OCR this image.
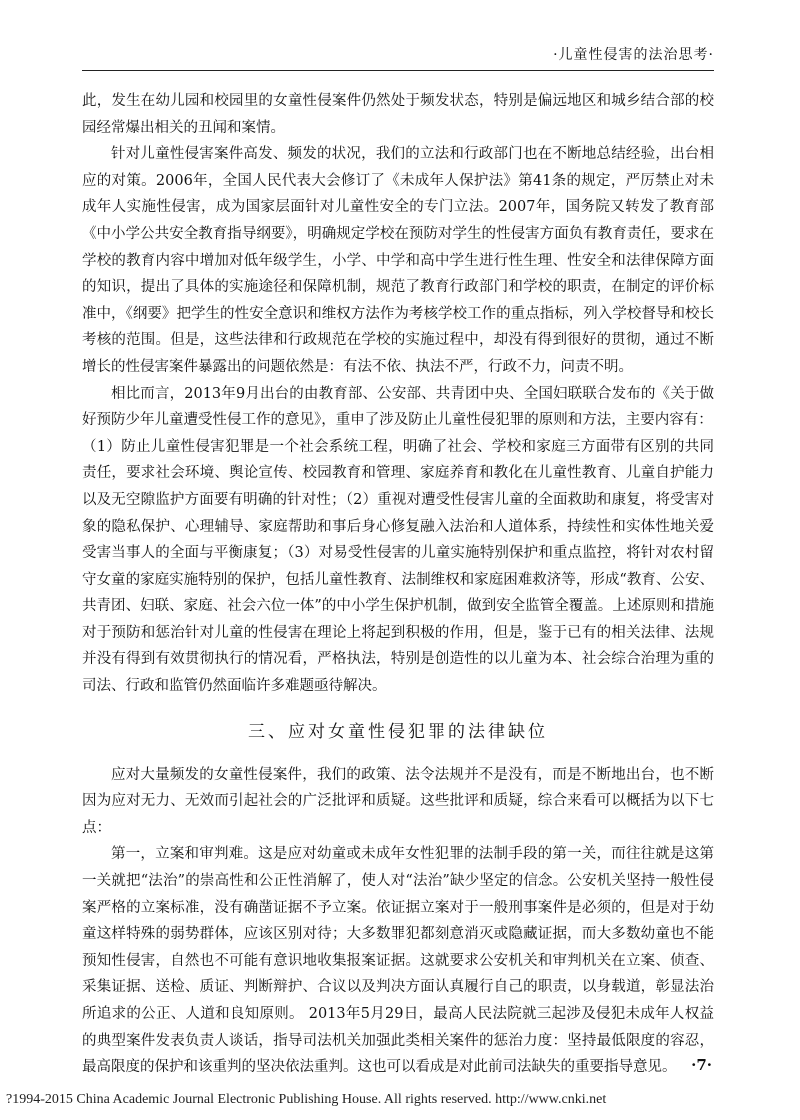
·儿童性侵害的法治思考·

此，发生在幼儿园和校园里的女童性侵案件仍然处于频发状态，特别是偏远地区和城乡结合部的校园经常爆出相关的丑闻和案情。

针对儿童性侵害案件高发、频发的状况，我们的立法和行政部门也在不断地总结经验，出台相应的对策。2006年，全国人民代表大会修订了《未成年人保护法》第41条的规定，严厉禁止对未成年人实施性侵害，成为国家层面针对儿童性安全的专门立法。2007年，国务院又转发了教育部《中小学公共安全教育指导纲要》，明确规定学校在预防对学生的性侵害方面负有教育责任，要求在学校的教育内容中增加对低年级学生，小学、中学和高中学生进行性生理、性安全和法律保障方面的知识，提出了具体的实施途径和保障机制，规范了教育行政部门和学校的职责，在制定的评价标准中，《纲要》把学生的性安全意识和维权方法作为考核学校工作的重点指标，列入学校督导和校长考核的范围。但是，这些法律和行政规范在学校的实施过程中，却没有得到很好的贯彻，通过不断增长的性侵害案件暴露出的问题依然是：有法不依、执法不严，行政不力，问责不明。

相比而言，2013年9月出台的由教育部、公安部、共青团中央、全国妇联联合发布的《关于做好预防少年儿童遭受性侵工作的意见》，重申了涉及防止儿童性侵犯罪的原则和方法，主要内容有：

（1）防止儿童性侵害犯罪是一个社会系统工程，明确了社会、学校和家庭三方面带有区别的共同责任，要求社会环境、舆论宣传、校园教育和管理、家庭养育和教化在儿童性教育、儿童自护能力以及无空隙监护方面要有明确的针对性；（2）重视对遭受性侵害儿童的全面救助和康复，将受害对象的隐私保护、心理辅导、家庭帮助和事后身心修复融入法治和人道体系，持续性和实体性地关爱受害当事人的全面与平衡康复；（3）对易受性侵害的儿童实施特别保护和重点监控，将针对农村留守女童的家庭实施特别的保护，包括儿童性教育、法制维权和家庭困难救济等，形成“教育、公安、共青团、妇联、家庭、社会六位一体”的中小学生保护机制，做到安全监管全覆盖。上述原则和措施对于预防和惩治针对儿童的性侵害在理论上将起到积极的作用，但是，鉴于已有的相关法律、法规并没有得到有效贯彻执行的情况看，严格执法，特别是创造性的以儿童为本、社会综合治理为重的司法、行政和监管仍然面临许多难题亟待解决。

三、应对女童性侵犯罪的法律缺位

应对大量频发的女童性侵案件，我们的政策、法令法规并不是没有，而是不断地出台，也不断因为应对无力、无效而引起社会的广泛批评和质疑。这些批评和质疑，综合来看可以概括为以下七点：

第一，立案和审判难。这是应对幼童或未成年女性犯罪的法制手段的第一关，而往往就是这第一关就把“法治”的崇高性和公正性消解了，使人对“法治”缺少坚定的信念。公安机关坚持一般性侵案严格的立案标准，没有确凿证据不予立案。依证据立案对于一般刑事案件是必须的，但是对于幼童这样特殊的弱势群体，应该区别对待；大多数罪犯都刻意消灭或隐藏证据，而大多数幼童也不能预知性侵害，自然也不可能有意识地收集报案证据。这就要求公安机关和审判机关在立案、侦查、采集证据、送检、质证、判断辩护、合议以及判决方面认真履行自己的职责，以身载道，彰显法治所追求的公正、人道和良知原则。 2013年5月29日，最高人民法院就三起涉及侵犯未成年人权益的典型案件发表负责人谈话，指导司法机关加强此类相关案件的惩治力度：坚持最低限度的容忍，最高限度的保护和该重判的坚决依法重判。这也可以看成是对此前司法缺失的重要指导意见。 ·7·
?1994-2015 China Academic Journal Electronic Publishing House. All rights reserved. http://www.cnki.net
